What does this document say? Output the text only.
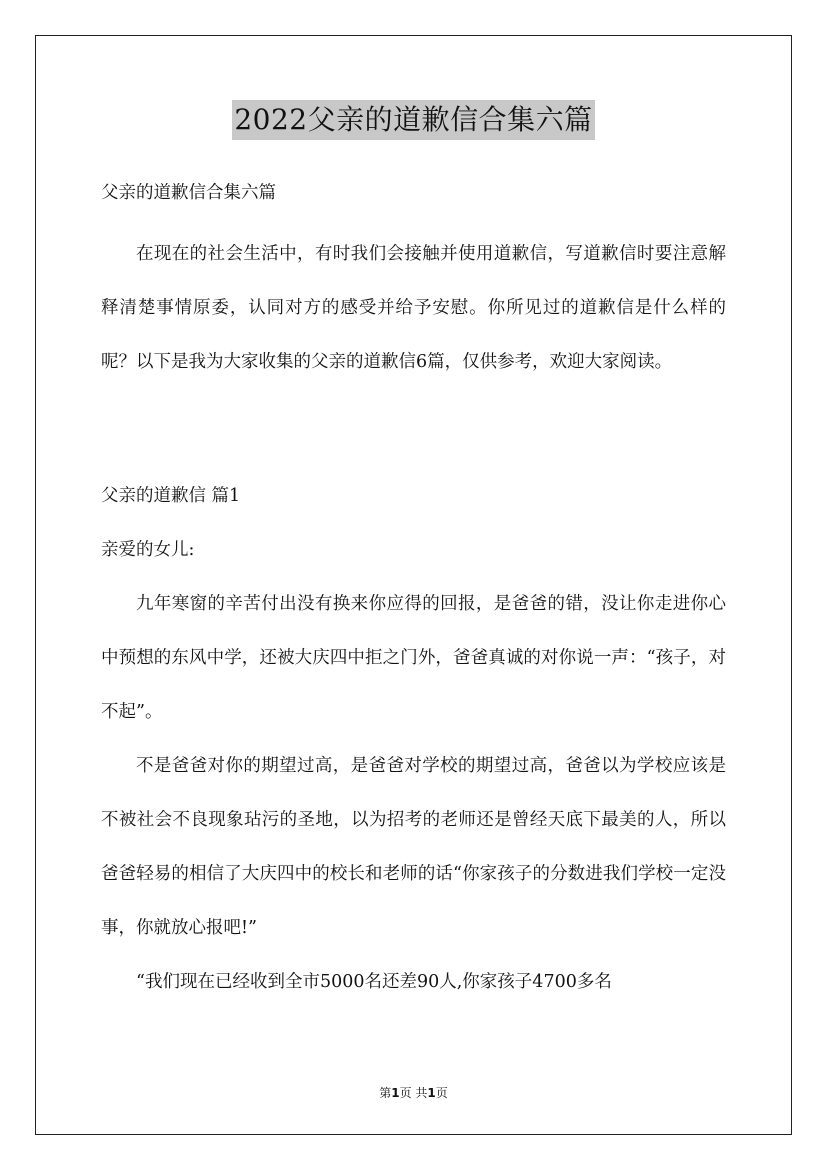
2022父亲的道歉信合集六篇
父亲的道歉信合集六篇

在现在的社会生活中，有时我们会接触并使用道歉信，写道歉信时要注意解释清楚事情原委，认同对方的感受并给予安慰。你所见过的道歉信是什么样的呢？以下是我为大家收集的父亲的道歉信6篇，仅供参考，欢迎大家阅读。

父亲的道歉信 篇1
亲爱的女儿:

九年寒窗的辛苦付出没有换来你应得的回报，是爸爸的错，没让你走进你心中预想的东风中学，还被大庆四中拒之门外，爸爸真诚的对你说一声：“孩子，对不起”。

不是爸爸对你的期望过高，是爸爸对学校的期望过高，爸爸以为学校应该是不被社会不良现象玷污的圣地，以为招考的老师还是曾经天底下最美的人，所以爸爸轻易的相信了大庆四中的校长和老师的话“你家孩子的分数进我们学校一定没事，你就放心报吧!”

“我们现在已经收到全市5000名还差90人,你家孩子4700多名

第1页 共1页
